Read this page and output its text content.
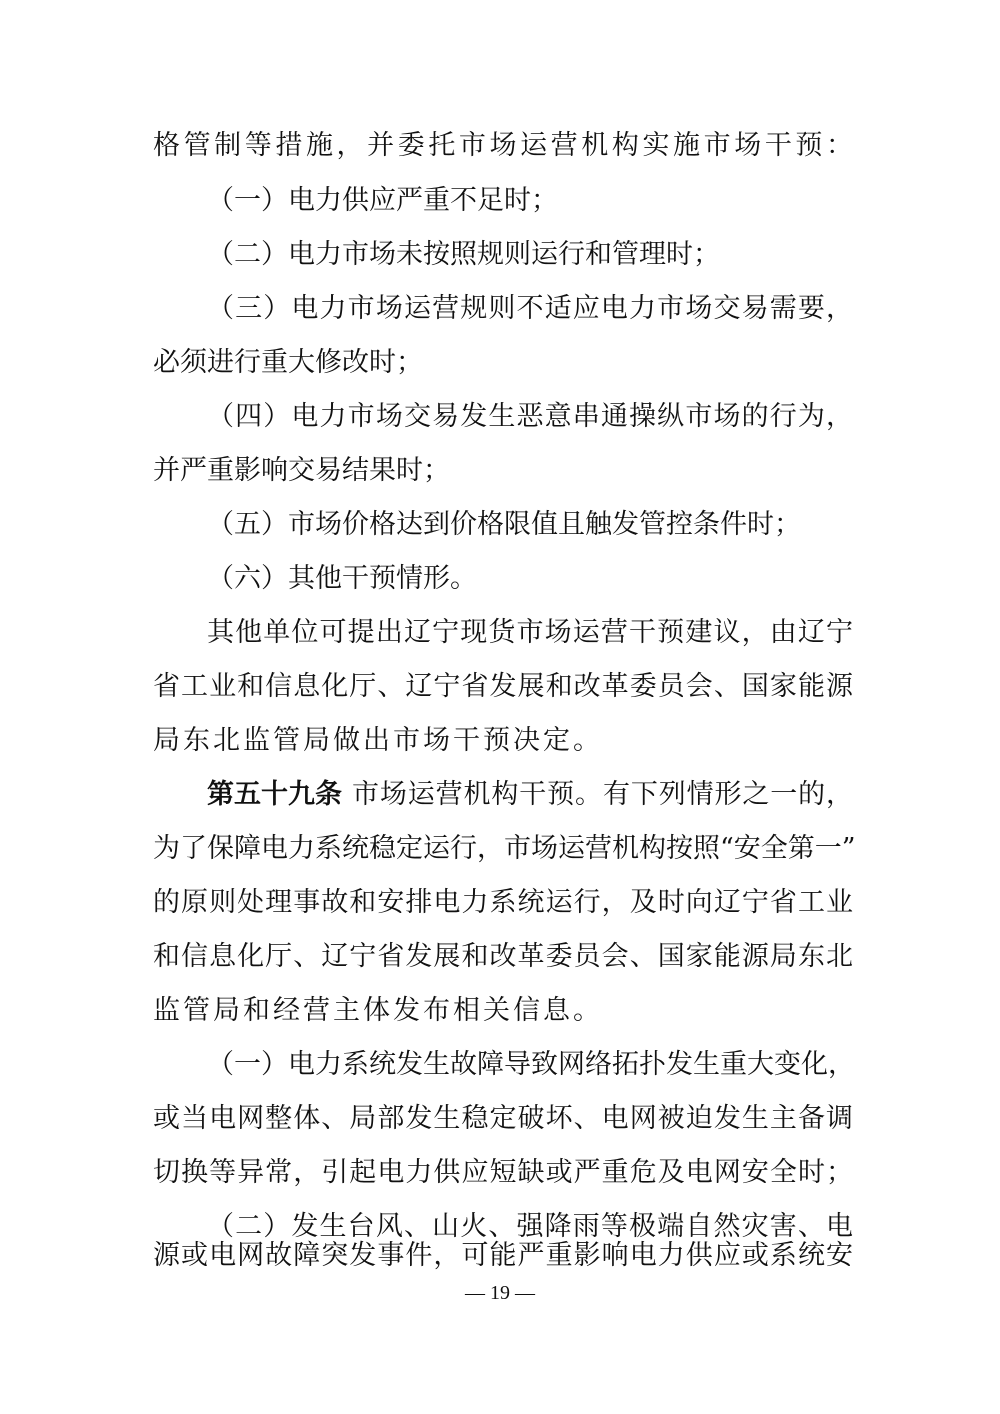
格管制等措施，并委托市场运营机构实施市场干预：
（一）电力供应严重不足时；
（二）电力市场未按照规则运行和管理时；
（三）电力市场运营规则不适应电力市场交易需要，
必须进行重大修改时；
（四）电力市场交易发生恶意串通操纵市场的行为，
并严重影响交易结果时；
（五）市场价格达到价格限值且触发管控条件时；
（六）其他干预情形。
其他单位可提出辽宁现货市场运营干预建议，由辽宁
省工业和信息化厅、辽宁省发展和改革委员会、国家能源
局东北监管局做出市场干预决定。
第五十九条 市场运营机构干预。有下列情形之一的，
为了保障电力系统稳定运行，市场运营机构按照“安全第一”
的原则处理事故和安排电力系统运行，及时向辽宁省工业
和信息化厅、辽宁省发展和改革委员会、国家能源局东北
监管局和经营主体发布相关信息。
（一）电力系统发生故障导致网络拓扑发生重大变化，
或当电网整体、局部发生稳定破坏、电网被迫发生主备调
切换等异常，引起电力供应短缺或严重危及电网安全时；
（二）发生台风、山火、强降雨等极端自然灾害、电
源或电网故障突发事件，可能严重影响电力供应或系统安
— 19 —
